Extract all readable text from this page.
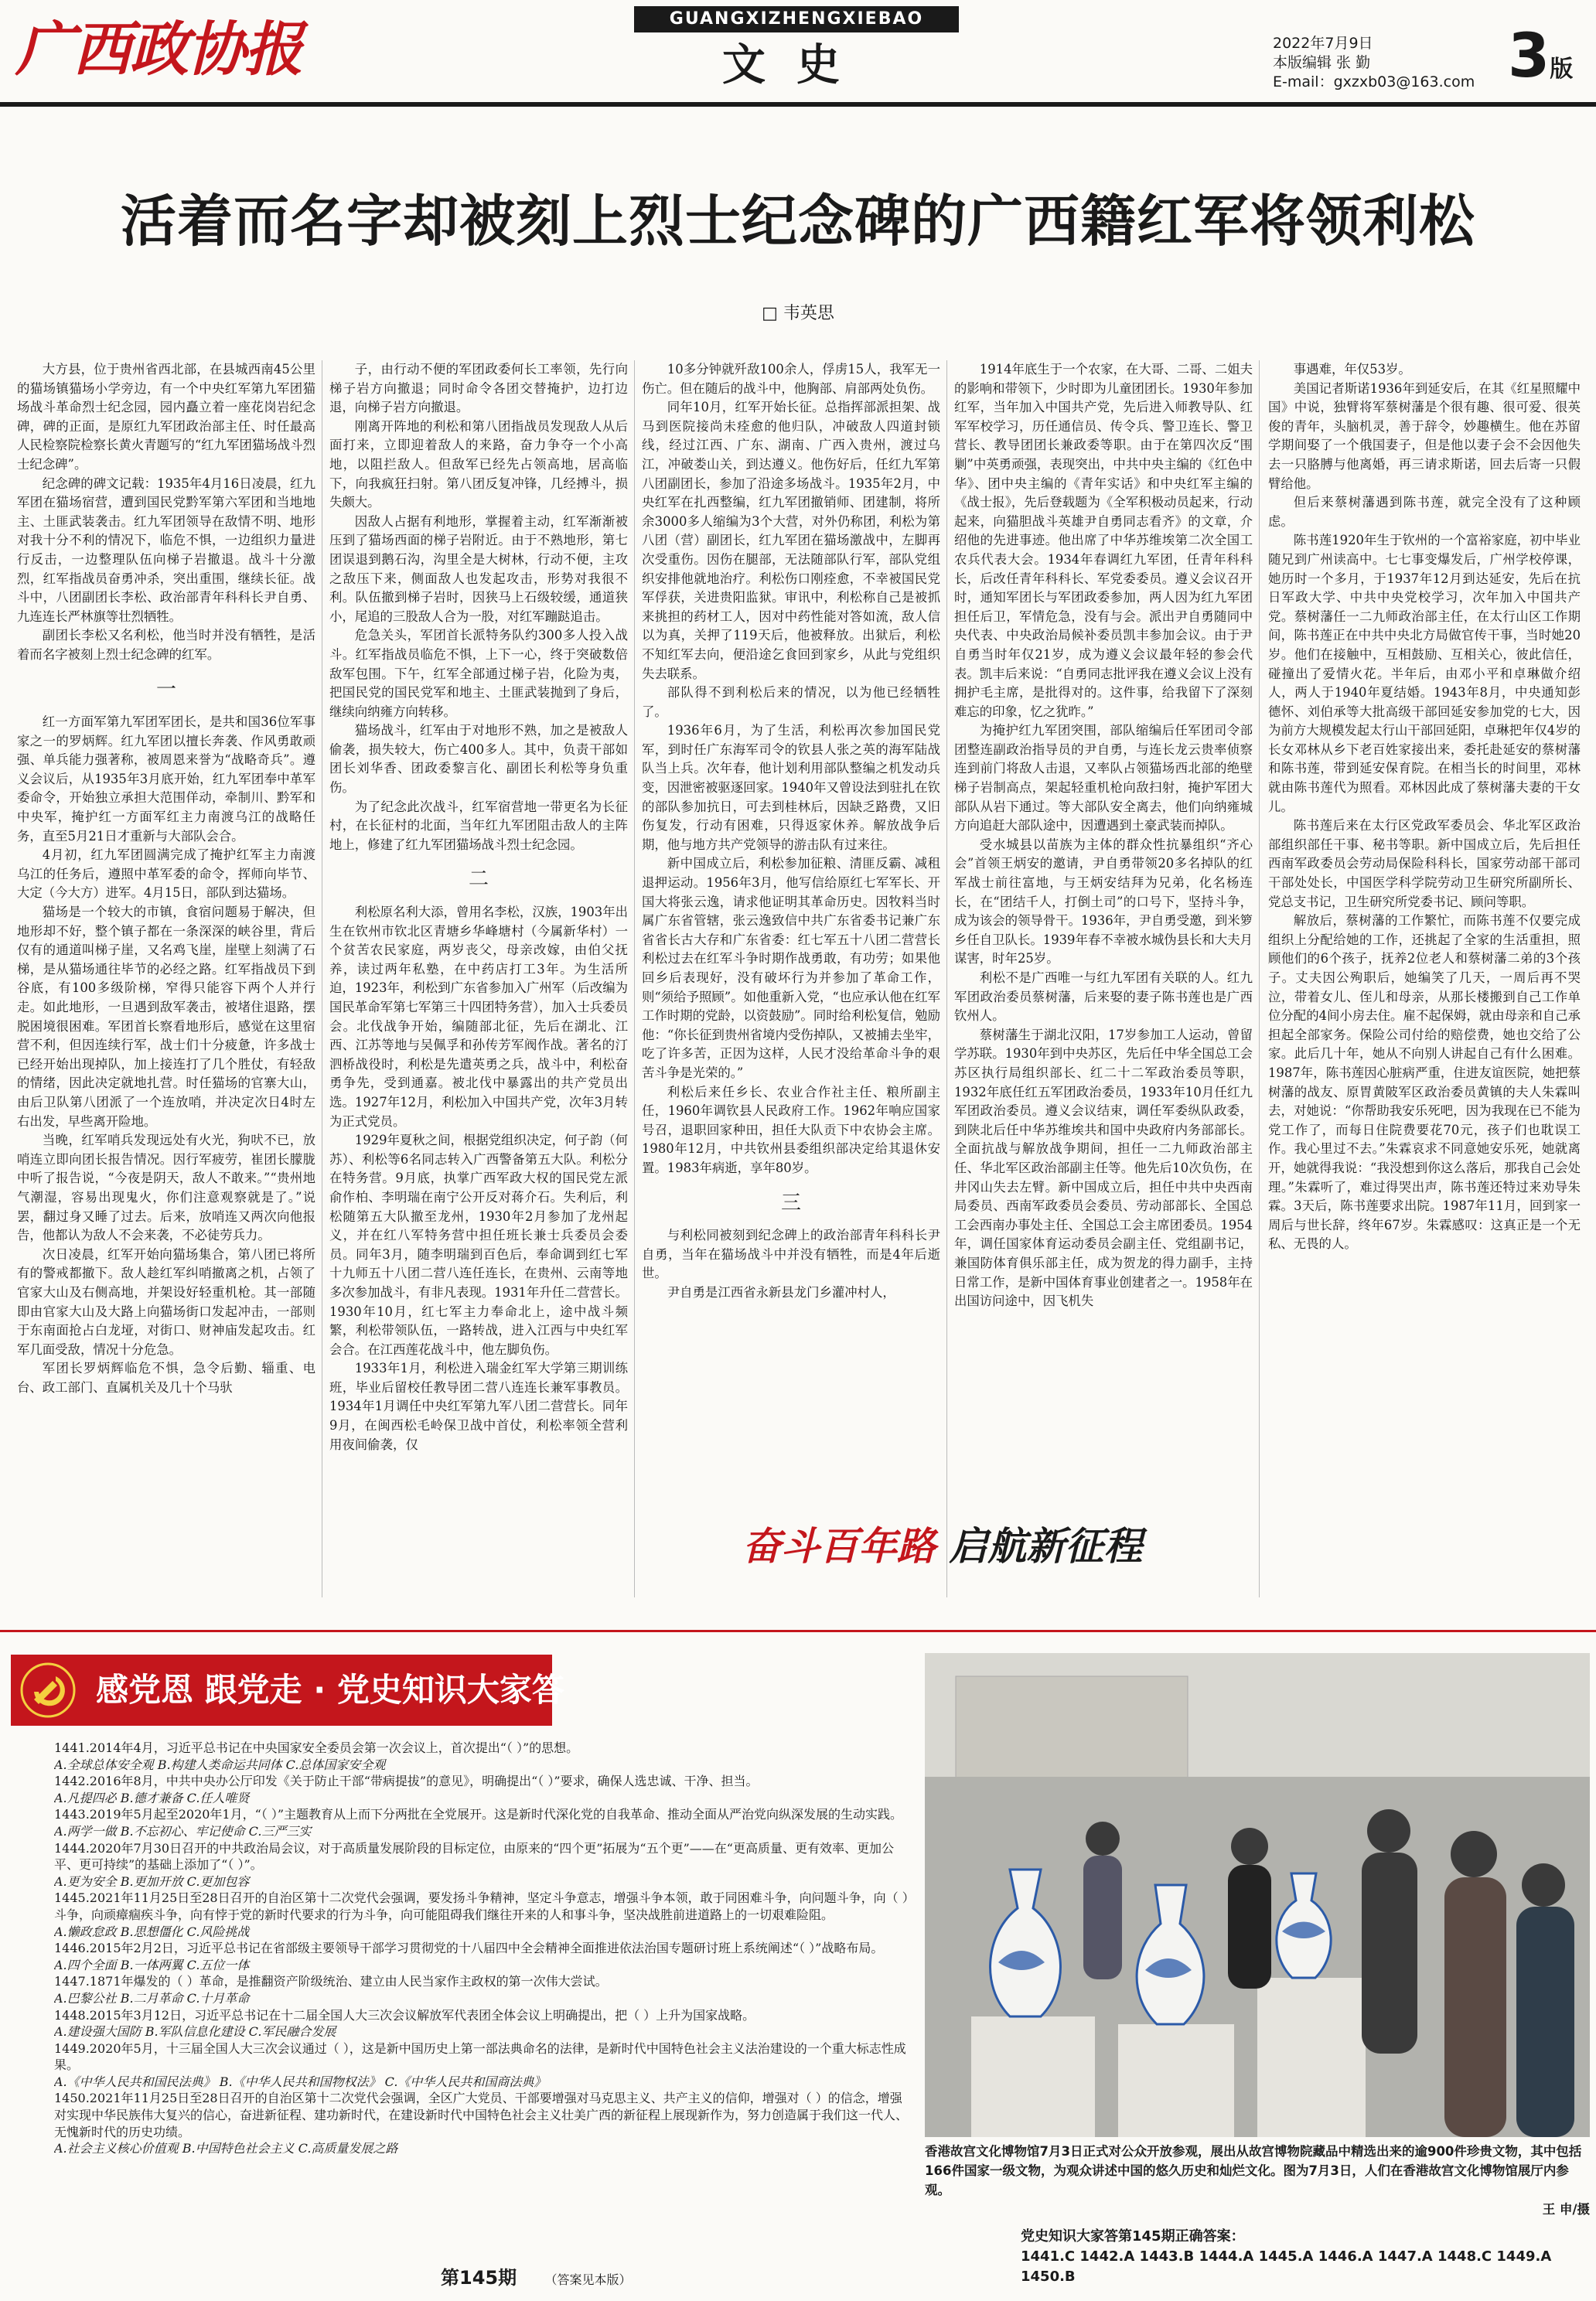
广西政协报	GUANGXIZHENGXIEBAO
文史	2022年7月9日
本版编辑 张 勤
E-mail：gxzxb03@163.com 3版
活着而名字却被刻上烈士纪念碑的广西籍红军将领利松
□ 韦英思

大方县，位于贵州省西北部，在县城西南45公里的猫场镇猫场小学旁边，有一个中央红军第九军团猫场战斗革命烈士纪念园，园内矗立着一座花岗岩纪念碑，碑的正面，是原红九军团政治部主任、时任最高人民检察院检察长黄火青题写的“红九军团猫场战斗烈士纪念碑”。

纪念碑的碑文记载：1935年4月16日凌晨，红九军团在猫场宿营，遭到国民党黔军第六军团和当地地主、土匪武装袭击。红九军团领导在敌情不明、地形对我十分不利的情况下，临危不惧，一边组织力量进行反击，一边整理队伍向梯子岩撤退。战斗十分激烈，红军指战员奋勇冲杀，突出重围，继续长征。战斗中，八团副团长李松、政治部青年科科长尹自勇、九连连长严林旗等壮烈牺牲。

副团长李松又名利松，他当时并没有牺牲，是活着而名字被刻上烈士纪念碑的红军。

一

红一方面军第九军团军团长，是共和国36位军事家之一的罗炳辉。红九军团以擅长奔袭、作风勇敢顽强、单兵能力强著称，被周恩来誉为“战略奇兵”。遵义会议后，从1935年3月底开始，红九军团奉中革军委命令，开始独立承担大范围佯动，牵制川、黔军和中央军，掩护红一方面军红主力南渡乌江的战略任务，直至5月21日才重新与大部队会合。

4月初，红九军团圆满完成了掩护红军主力南渡乌江的任务后，遵照中革军委的命令，挥师向毕节、大定（今大方）进军。4月15日，部队到达猫场。

猫场是一个较大的市镇，食宿问题易于解决，但地形却不好，整个镇子都在一条深深的峡谷里，背后仅有的通道叫梯子崖，又名鸡飞崖，崖壁上刻满了石梯，是从猫场通往毕节的必经之路。红军指战员下到谷底，有100多级阶梯，窄得只能容下两个人并行走。如此地形，一旦遇到敌军袭击，被堵住退路，摆脱困境很困难。军团首长察看地形后，感觉在这里宿营不利，但因连续行军，战士们十分疲惫，许多战士已经开始出现掉队，加上接连打了几个胜仗，有轻敌的情绪，因此决定就地扎营。时任猫场的官寨大山，由后卫队第八团派了一个连放哨，并决定次日4时左右出发，早些离开险地。

当晚，红军哨兵发现远处有火光，狗吠不已，放哨连立即向团长报告情况。因行军疲劳，崔团长朦胧中听了报告说，“今夜是阴天，敌人不敢来。”“贵州地气潮湿，容易出现鬼火，你们注意观察就是了。”说罢，翻过身又睡了过去。后来，放哨连又两次向他报告，他都认为敌人不会来袭，不必徒劳兵力。

次日凌晨，红军开始向猫场集合，第八团已将所有的警戒都撤下。敌人趁红军纠哨撤离之机，占领了官家大山及右侧高地，并架设好轻重机枪。其一部随即由官家大山及大路上向猫场街口发起冲击，一部则于东南面抢占白龙垭，对街口、财神庙发起攻击。红军几面受敌，情况十分危急。

军团长罗炳辉临危不惧，急令后勤、辎重、电台、政工部门、直属机关及几十个马驮

子，由行动不便的军团政委何长工率领，先行向梯子岩方向撤退；同时命令各团交替掩护，边打边退，向梯子岩方向撤退。

刚离开阵地的利松和第八团指战员发现敌人从后面打来，立即迎着敌人的来路，奋力争夺一个小高地，以阻拦敌人。但敌军已经先占领高地，居高临下，向我疯狂扫射。第八团反复冲锋，几经搏斗，损失颇大。

因敌人占据有利地形，掌握着主动，红军渐渐被压到了猫场西面的梯子岩附近。由于不熟地形，第七团误退到鹅石沟，沟里全是大树林，行动不便，主攻之敌压下来，侧面敌人也发起攻击，形势对我很不利。队伍撤到梯子岩时，因狭马上石级较缓，通道狭小，尾追的三股敌人合为一股，对红军蹦跶追击。

危急关头，军团首长派特务队约300多人投入战斗。红军指战员临危不惧，上下一心，终于突破数倍敌军包围。下午，红军全部通过梯子岩，化险为夷，把国民党的国民党军和地主、土匪武装抛到了身后，继续向纳雍方向转移。

猫场战斗，红军由于对地形不熟，加之是被敌人偷袭，损失较大，伤亡400多人。其中，负责干部如团长刘华香、团政委黎言化、副团长利松等身负重伤。

为了纪念此次战斗，红军宿营地一带更名为长征村，在长征村的北面，当年红九军团阻击敌人的主阵地上，修建了红九军团猫场战斗烈士纪念园。

二

利松原名利大添，曾用名李松，汉族，1903年出生在钦州市钦北区青塘乡华峰塘村（今属新华村）一个贫苦农民家庭，两岁丧父，母亲改嫁，由伯父抚养，读过两年私塾，在中药店打工3年。为生活所迫，1923年，利松到广东省参加入广州军（后改编为国民革命军第七军第三十四团特务营），加入士兵委员会。北伐战争开始，编随部北征，先后在湖北、江西、江苏等地与吴佩孚和孙传芳军阀作战。著名的汀泗桥战役时，利松是先遣英勇之兵，战斗中，利松奋勇争先，受到通嘉。被北伐中暴露出的共产党员出选。1927年12月，利松加入中国共产党，次年3月转为正式党员。

1929年夏秋之间，根据党组织决定，何子韵（何苏）、利松等6名同志转入广西警备第五大队。利松分在特务营。9月底，执掌广西军政大权的国民党左派俞作柏、李明瑞在南宁公开反对蒋介石。失利后，利松随第五大队撤至龙州，1930年2月参加了龙州起义，并在红八军特务营中担任班长兼士兵委员会委员。同年3月，随李明瑞到百色后，奉命调到红七军十九师五十八团二营八连任连长，在贵州、云南等地多次参加战斗，有非凡表现。1931年升任二营营长。1930年10月，红七军主力奉命北上，途中战斗频繁，利松带领队伍，一路转战，进入江西与中央红军会合。在江西莲花战斗中，他左脚负伤。

1933年1月，利松进入瑞金红军大学第三期训练班，毕业后留校任教导团二营八连连长兼军事教员。1934年1月调任中央红军第九军八团二营营长。同年9月，在闽西松毛岭保卫战中首仗，利松率领全营利用夜间偷袭，仅

10多分钟就歼敌100余人，俘虏15人，我军无一伤亡。但在随后的战斗中，他胸部、肩部两处负伤。

同年10月，红军开始长征。总指挥部派担架、战马到医院接尚未痊愈的他归队，冲破敌人四道封锁线，经过江西、广东、湖南、广西入贵州，渡过乌江，冲破娄山关，到达遵义。他伤好后，任红九军第八团副团长，参加了沿途多场战斗。1935年2月，中央红军在扎西整编，红九军团撤销师、团建制，将所余3000多人缩编为3个大营，对外仍称团，利松为第八团（营）副团长，红九军团在猫场激战中，左脚再次受重伤。因伤在腿部，无法随部队行军，部队党组织安排他就地治疗。利松伤口刚痊愈，不幸被国民党军俘获，关进贵阳监狱。审讯中，利松称自己是被抓来挑担的药材工人，因对中药性能对答如流，敌人信以为真，关押了119天后，他被释放。出狱后，利松不知红军去向，便沿途乞食回到家乡，从此与党组织失去联系。

部队得不到利松后来的情况，以为他已经牺牲了。

1936年6月，为了生活，利松再次参加国民党军，到时任广东海军司令的钦县人张之英的海军陆战队当上兵。次年春，他计划利用部队整编之机发动兵变，因泄密被驱逐回家。1940年又曾设法到驻扎在钦的部队参加抗日，可去到桂林后，因缺乏路费，又旧伤复发，行动有困难，只得返家休养。解放战争后期，他与地方共产党领导的游击队有过来往。

新中国成立后，利松参加征粮、清匪反霸、减租退押运动。1956年3月，他写信给原红七军军长、开国大将张云逸，请求他证明其革命历史。因牧料当时属广东省管辖，张云逸致信中共广东省委书记兼广东省省长古大存和广东省委：红七军五十八团二营营长利松过去在红军斗争时期作战勇敢，有功劳；如果他回乡后表现好，没有破坏行为并参加了革命工作，则“须给予照顾”。如他重新入党，“也应承认他在红军工作时期的党龄，以资鼓励”。同时给利松复信，勉励他：“你长征到贵州省境内受伤掉队，又被捕去坐牢，吃了许多苦，正因为这样，人民才没给革命斗争的艰苦斗争是光荣的。”

利松后来任乡长、农业合作社主任、粮所副主任，1960年调钦县人民政府工作。1962年响应国家号召，退职回家种田，担任大队贡下中农协会主席。1980年12月，中共钦州县委组织部决定给其退休安置。1983年病逝，享年80岁。

三

与利松同被刻到纪念碑上的政治部青年科科长尹自勇，当年在猫场战斗中并没有牺牲，而是4年后逝世。

尹自勇是江西省永新县龙门乡灌冲村人，

1914年底生于一个农家，在大哥、二哥、二姐夫的影响和带领下，少时即为儿童团团长。1930年参加红军，当年加入中国共产党，先后进入师教导队、红军军校学习，历任通信员、传令兵、警卫连长、警卫营长、教导团团长兼政委等职。由于在第四次反“围剿”中英勇顽强，表现突出，中共中央主编的《红色中华》、团中央主编的《青年实话》和中央红军主编的《战士报》，先后登载题为《全军积极动员起来，行动起来，向猫胆战斗英雄尹自勇同志看齐》的文章，介绍他的先进事迹。他出席了中华苏维埃第二次全国工农兵代表大会。1934年春调红九军团，任青年科科长，后改任青年科科长、军党委委员。遵义会议召开时，通知军团长与军团政委参加，两人因为红九军团担任后卫，军情危急，没有与会。派出尹自勇随同中央代表、中央政治局候补委员凯丰参加会议。由于尹自勇当时年仅21岁，成为遵义会议最年轻的参会代表。凯丰后来说：“自勇同志批评我在遵义会议上没有拥护毛主席，是批得对的。这件事，给我留下了深刻难忘的印象，忆之犹昨。”

为掩护红九军团突围，部队缩编后任军团司令部团整连副政治指导员的尹自勇，与连长龙云贵率侦察连到前门将敌人击退，又率队占领猫场西北部的绝壁梯子岩制高点，架起轻重机枪向敌扫射，掩护军团大部队从岩下通过。等大部队安全离去，他们向纳雍城方向追赶大部队途中，因遭遇到土豪武装而掉队。

受水城县以苗族为主体的群众性抗暴组织“齐心会”首领王炳安的邀请，尹自勇带领20多名掉队的红军战士前往富地，与王炳安结拜为兄弟，化名杨连长，在“团结千人，打倒土司”的口号下，坚持斗争，成为该会的领导骨干。1936年，尹自勇受邀，到米箩乡任自卫队长。1939年春不幸被水城伪县长和大夫月谋害，时年25岁。

利松不是广西唯一与红九军团有关联的人。红九军团政治委员蔡树藩，后来娶的妻子陈书莲也是广西钦州人。

蔡树藩生于湖北汉阳，17岁参加工人运动，曾留学苏联。1930年到中央苏区，先后任中华全国总工会苏区执行局组织部长、红二十二军政治委员等职，1932年底任红五军团政治委员，1933年10月任红九军团政治委员。遵义会议结束，调任军委纵队政委，到陕北后任中华苏维埃共和国中央政府内务部部长。全面抗战与解放战争期间，担任一二九师政治部主任、华北军区政治部副主任等。他先后10次负伤，在井冈山失去左臂。新中国成立后，担任中共中央西南局委员、西南军政委员会委员、劳动部部长、全国总工会西南办事处主任、全国总工会主席团委员。1954年，调任国家体育运动委员会副主任、党组副书记，兼国防体育俱乐部主任，成为贺龙的得力副手，主持日常工作，是新中国体育事业创建者之一。1958年在出国访问途中，因飞机失

事遇难，年仅53岁。

美国记者斯诺1936年到延安后，在其《红星照耀中国》中说，独臂将军蔡树藩是个很有趣、很可爱、很英俊的青年，头脑机灵，善于辞令，妙趣横生。他在苏留学期间娶了一个俄国妻子，但是他以妻子会不会因他失去一只胳膊与他离婚，再三请求斯诺，回去后寄一只假臂给他。

但后来蔡树藩遇到陈书莲，就完全没有了这种顾虑。

陈书莲1920年生于钦州的一个富裕家庭，初中毕业随兄到广州读高中。七七事变爆发后，广州学校停课，她历时一个多月，于1937年12月到达延安，先后在抗日军政大学、中共中央党校学习，次年加入中国共产党。蔡树藩任一二九师政治部主任，在太行山区工作期间，陈书莲正在中共中央北方局做官传干事，当时她20岁。他们在接触中，互相鼓励、互相关心，彼此信任，碰撞出了爱情火花。半年后，由邓小平和卓琳做介绍人，两人于1940年夏结婚。1943年8月，中央通知彭德怀、刘伯承等大批高级干部回延安参加党的七大，因为前方大规模发起太行山干部回延阳，卓琳把年仅4岁的长女邓林从乡下老百姓家接出来，委托赴延安的蔡树藩和陈书莲，带到延安保育院。在相当长的时间里，邓林就由陈书莲代为照看。邓林因此成了蔡树藩夫妻的干女儿。

陈书莲后来在太行区党政军委员会、华北军区政治部组织部任干事、秘书等职。新中国成立后，先后担任西南军政委员会劳动局保险科科长，国家劳动部干部司干部处处长，中国医学科学院劳动卫生研究所副所长、党总支书记，卫生研究所党委书记、顾问等职。

解放后，蔡树藩的工作繁忙，而陈书莲不仅要完成组织上分配给她的工作，还挑起了全家的生活重担，照顾他们的6个孩子，抚养2位老人和蔡树藩二弟的3个孩子。丈夫因公殉职后，她编笑了几天，一周后再不哭泣，带着女儿、侄儿和母亲，从那长楼搬到自己工作单位分配的4间小房去住。雇不起保姆，就由母亲和自己承担起全部家务。保险公司付给的赔偿费，她也交给了公家。此后几十年，她从不向别人讲起自己有什么困难。1987年，陈书莲因心脏病严重，住进友谊医院，她把蔡树藩的战友、原胃黄陂军区政治委员黄镇的夫人朱霖叫去，对她说：“你帮助我安乐死吧，因为我现在已不能为党工作了，而每日住院费要花70元，孩子们也耽误工作。我心里过不去。”朱霖哀求不同意她安乐死，她就离开，她就得我说：“我没想到你这么落后，那我自己会处理。”朱霖听了，难过得哭出声，陈书莲还特过来劝导朱霖。3天后，陈书莲要求出院。1987年11月，回到家一周后与世长辞，终年67岁。朱霖感叹：这真正是一个无私、无畏的人。

奋斗百年路 启航新征程
感党恩 跟党走 · 党史知识大家答

1441.2014年4月，习近平总书记在中央国家安全委员会第一次会议上，首次提出“（ ）”的思想。

A.全球总体安全观 B.构建人类命运共同体 C.总体国家安全观

1442.2016年8月，中共中央办公厅印发《关于防止干部“带病提拔”的意见》，明确提出“（ ）”要求，确保人选忠诚、干净、担当。

A.凡提四必 B.德才兼备 C.任人唯贤

1443.2019年5月起至2020年1月，“（ ）”主题教育从上而下分两批在全党展开。这是新时代深化党的自我革命、推动全面从严治党向纵深发展的生动实践。

A.两学一做 B.不忘初心、牢记使命 C.三严三实

1444.2020年7月30日召开的中共政治局会议，对于高质量发展阶段的目标定位，由原来的“四个更”拓展为“五个更”——在“更高质量、更有效率、更加公平、更可持续”的基础上添加了“（ ）”。

A.更为安全 B.更加开放 C.更加包容

1445.2021年11月25日至28日召开的自治区第十二次党代会强调，要发扬斗争精神，坚定斗争意志，增强斗争本领，敢于同困难斗争，向问题斗争，向（ ）斗争，向顽瘴痼疾斗争，向有悖于党的新时代要求的行为斗争，向可能阻碍我们继往开来的人和事斗争，坚决战胜前进道路上的一切艰难险阻。

A.懒政怠政 B.思想僵化 C.风险挑战

1446.2015年2月2日，习近平总书记在省部级主要领导干部学习贯彻党的十八届四中全会精神全面推进依法治国专题研讨班上系统阐述“（ ）”战略布局。

A.四个全面 B.一体两翼 C.五位一体

1447.1871年爆发的（ ）革命，是推翻资产阶级统治、建立由人民当家作主政权的第一次伟大尝试。

A.巴黎公社 B.二月革命 C.十月革命

1448.2015年3月12日，习近平总书记在十二届全国人大三次会议解放军代表团全体会议上明确提出，把（ ）上升为国家战略。

A.建设强大国防 B.军队信息化建设 C.军民融合发展

1449.2020年5月，十三届全国人大三次会议通过（ ），这是新中国历史上第一部法典命名的法律，是新时代中国特色社会主义法治建设的一个重大标志性成果。

A.《中华人民共和国民法典》 B.《中华人民共和国物权法》 C.《中华人民共和国商法典》

1450.2021年11月25日至28日召开的自治区第十二次党代会强调，全区广大党员、干部要增强对马克思主义、共产主义的信仰，增强对（ ）的信念，增强对实现中华民族伟大复兴的信心，奋进新征程、建功新时代，在建设新时代中国特色社会主义壮美广西的新征程上展现新作为，努力创造属于我们这一代人、无愧新时代的历史功绩。

A.社会主义核心价值观 B.中国特色社会主义 C.高质量发展之路

第145期 （答案见本版）
香港故宫文化博物馆7月3日正式对公众开放参观，展出从故宫博物院藏品中精选出来的逾900件珍贵文物，其中包括166件国家一级文物，为观众讲述中国的悠久历史和灿烂文化。图为7月3日，人们在香港故宫文化博物馆展厅内参观。
王 申/摄
党史知识大家答第145期正确答案：
1441.C 1442.A 1443.B 1444.A 1445.A 1446.A 1447.A 1448.C 1449.A 1450.B
